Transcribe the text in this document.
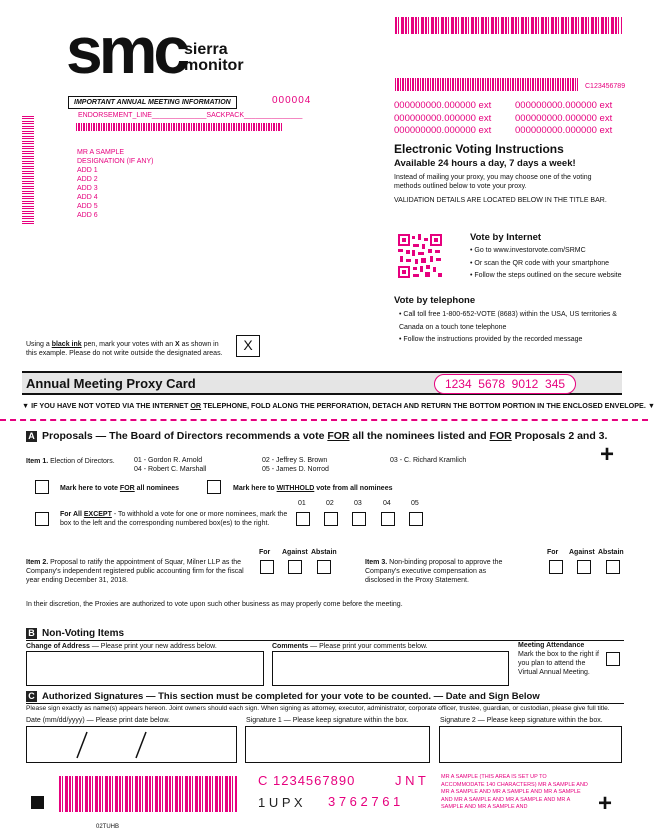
C123456789
smc
sierra
monitor
IMPORTANT ANNUAL MEETING INFORMATION	000004
ENDORSEMENT_LINE______________SACKPACK_______________
MR A SAMPLE
DESIGNATION (IF ANY)
ADD 1
ADD 2
ADD 3
ADD 4
ADD 5
ADD 6
000000000.000000 ext	000000000.000000 ext
000000000.000000 ext	000000000.000000 ext
000000000.000000 ext	000000000.000000 ext
Electronic Voting Instructions
Available 24 hours a day, 7 days a week!
Instead of mailing your proxy, you may choose one of the voting methods outlined below to vote your proxy.
VALIDATION DETAILS ARE LOCATED BELOW IN THE TITLE BAR.
Vote by Internet
• Go to www.investorvote.com/SRMC
• Or scan the QR code with your smartphone
• Follow the steps outlined on the secure website
Vote by telephone
• Call toll free 1-800-652-VOTE (8683) within the USA, US territories & Canada on a touch tone telephone
• Follow the instructions provided by the recorded message
Using a black ink pen, mark your votes with an X as shown in this example. Please do not write outside the designated areas.
X
Annual Meeting Proxy Card	1234  5678  9012  345
▼ IF YOU HAVE NOT VOTED VIA THE INTERNET OR TELEPHONE, FOLD ALONG THE PERFORATION, DETACH AND RETURN THE BOTTOM PORTION IN THE ENCLOSED ENVELOPE. ▼
A Proposals — The Board of Directors recommends a vote FOR all the nominees listed and FOR Proposals 2 and 3.
Item 1. Election of Directors.	01 - Gordon R. Arnold	02 - Jeffrey S. Brown	03 - C. Richard Kramlich
04 - Robert C. Marshall	05 - James D. Norrod
+
Mark here to vote FOR all nominees	Mark here to WITHHOLD vote from all nominees
01	02	03	04	05
For All EXCEPT - To withhold a vote for one or more nominees, mark the box to the left and the corresponding numbered box(es) to the right.
For Against Abstain
Item 2. Proposal to ratify the appointment of Squar, Milner LLP as the Company's independent registered public accounting firm for the fiscal year ending December 31, 2018.
For Against Abstain
Item 3. Non-binding proposal to approve the Company's executive compensation as disclosed in the Proxy Statement.
In their discretion, the Proxies are authorized to vote upon such other business as may properly come before the meeting.
B Non-Voting Items
Change of Address — Please print your new address below.	Comments — Please print your comments below.	Meeting Attendance
Mark the box to the right if you plan to attend the Virtual Annual Meeting.
C Authorized Signatures — This section must be completed for your vote to be counted. — Date and Sign Below
Please sign exactly as name(s) appears hereon. Joint owners should each sign. When signing as attorney, executor, administrator, corporate officer, trustee, guardian, or custodian, please give full title.
Date (mm/dd/yyyy) — Please print date below.	Signature 1 — Please keep signature within the box.	Signature 2 — Please keep signature within the box.
C 1234567890	J N T
1 U P X 3 7 6 2 7 6 1
MR A SAMPLE (THIS AREA IS SET UP TO ACCOMMODATE 140 CHARACTERS) MR A SAMPLE AND MR A SAMPLE AND MR A SAMPLE AND MR A SAMPLE AND MR A SAMPLE AND MR A SAMPLE AND MR A SAMPLE AND MR A SAMPLE AND	+
02TUHB
